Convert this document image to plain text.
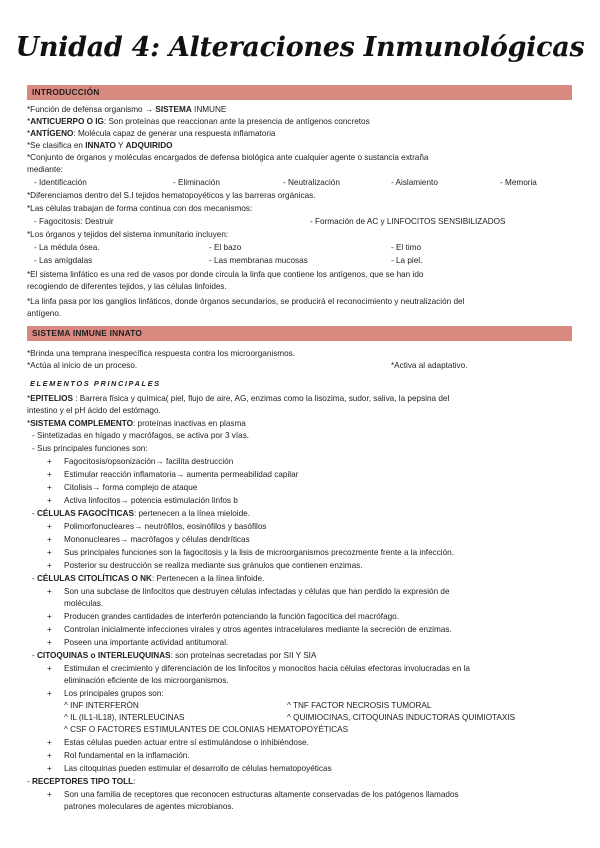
Unidad 4: Alteraciones Inmunológicas
INTRODUCCIÓN
*Función de defensa organismo → SISTEMA INMUNE
*ANTICUERPO O IG: Son proteínas que reaccionan ante la presencia de antígenos concretos
*ANTÍGENO: Molécula capaz de generar una respuesta inflamatoria
*Se clasifica en INNATO Y ADQUIRIDO
*Conjunto de órganos y moléculas encargados de defensa biológica ante cualquier agente o sustancia extraña
mediante:
- Identificación	- Eliminación	- Neutralización	- Aislamiento	- Memoria
*Diferenciamos dentro del S.I tejidos hematopoyéticos y las barreras orgánicas.
*Las células trabajan de forma continua con dos mecanismos:
- Fagocitosis: Destruir	- Formación de AC y LINFOCITOS SENSIBILIZADOS
*Los órganos y tejidos del sistema inmunitario incluyen:
- La médula ósea.	- El bazo	- El timo
- Las amígdalas	- Las membranas mucosas	- La piel.
*El sistema linfático es una red de vasos por donde circula la linfa que contiene los antígenos, que se han ido
recogiendo de diferentes tejidos, y las células linfoides.
*La linfa pasa por los ganglios linfáticos, donde órganos secundarios, se producirá el reconocimiento y neutralización del
antígeno.
SISTEMA INMUNE INNATO
*Brinda una temprana inespecífica respuesta contra los microorganismos.
*Actúa al inicio de un proceso.	*Activa al adaptativo.
ELEMENTOS PRINCIPALES
*EPITELIOS : Barrera física y química( piel, flujo de aire, AG, enzimas como la lisozima, sudor, saliva, la pepsina del
intestino y el pH ácido del estómago.
*SISTEMA COMPLEMENTO: proteínas inactivas en plasma
- Sintetizadas en hígado y macrófagos, se activa por 3 vías.
- Sus principales funciones son:
+ Fagocitosis/opsonización→ facilita destrucción
+ Estimular reacción inflamatoria→ aumenta permeabilidad capilar
+ Citolisis→ forma complejo de ataque
+ Activa linfocitos→ potencia estimulación linfos b
- CÉLULAS FAGOCÍTICAS: pertenecen a la línea mieloide.
+ Polimorfonucleares→ neutrófilos, eosinófilos y basófilos
+ Mononucleares→ macrófagos y células dendríticas
+ Sus principales funciones son la fagocitosis y la lisis de microorganismos precozmente frente a la infección.
+ Posterior su destrucción se realiza mediante sus gránulos que contienen enzimas.
- CÉLULAS CITOLÍTICAS O NK: Pertenecen a la línea linfoide.
+ Son una subclase de linfocitos que destruyen células infectadas y células que han perdido la expresión de
moléculas.
+ Producen grandes cantidades de interferón potenciando la función fagocítica del macrófago.
+ Controlan inicialmente infecciones virales y otros agentes intracelulares mediante la secreción de enzimas.
+ Poseen una importante actividad antitumoral.
- CITOQUINAS o INTERLEUQUINAS: son proteínas secretadas por SII Y SIA
+ Estimulan el crecimiento y diferenciación de los linfocitos y monocitos hacia células efectoras involucradas en la
eliminación eficiente de los microorganismos.
+ Los principales grupos son:
^ INF INTERFERÓN	^ TNF FACTOR NECROSIS TUMORAL
^ IL (IL1-IL18), INTERLEUCINAS	^ QUIMIOCINAS, CITOQUINAS INDUCTORAS QUIMIOTAXIS
^ CSF O FACTORES ESTIMULANTES DE COLONIAS HEMATOPOYÉTICAS
+ Estas células pueden actuar entre sí estimulándose o inhibiéndose.
+ Rol fundamental en la inflamación.
+ Las citoquinas pueden estimular el desarrollo de células hematopoyéticas
- RECEPTORES TIPO TOLL:
+ Son una familia de receptores que reconocen estructuras altamente conservadas de los patógenos llamados
patrones moleculares de agentes microbianos.
